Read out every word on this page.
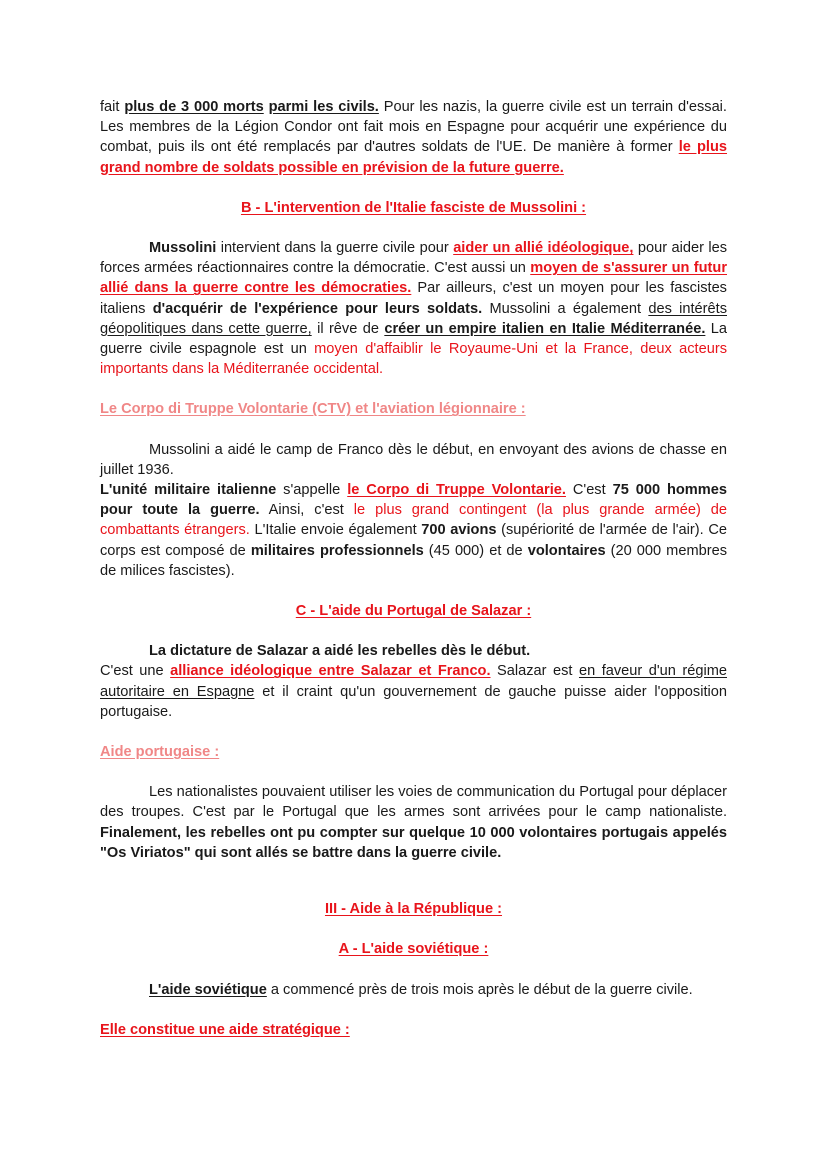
fait plus de 3 000 morts parmi les civils. Pour les nazis, la guerre civile est un terrain d'essai. Les membres de la Légion Condor ont fait mois en Espagne pour acquérir une expérience du combat, puis ils ont été remplacés par d'autres soldats de l'UE. De manière à former le plus grand nombre de soldats possible en prévision de la future guerre.

B - L'intervention de l'Italie fasciste de Mussolini :

Mussolini intervient dans la guerre civile pour aider un allié idéologique, pour aider les forces armées réactionnaires contre la démocratie. C'est aussi un moyen de s'assurer un futur allié dans la guerre contre les démocraties. Par ailleurs, c'est un moyen pour les fascistes italiens d'acquérir de l'expérience pour leurs soldats. Mussolini a également des intérêts géopolitiques dans cette guerre, il rêve de créer un empire italien en Italie Méditerranée. La guerre civile espagnole est un moyen d'affaiblir le Royaume-Uni et la France, deux acteurs importants dans la Méditerranée occidental.

Le Corpo di Truppe Volontarie (CTV) et l'aviation légionnaire :

Mussolini a aidé le camp de Franco dès le début, en envoyant des avions de chasse en juillet 1936.

L'unité militaire italienne s'appelle le Corpo di Truppe Volontarie. C'est 75 000 hommes pour toute la guerre. Ainsi, c'est le plus grand contingent (la plus grande armée) de combattants étrangers. L'Italie envoie également 700 avions (supériorité de l'armée de l'air). Ce corps est composé de militaires professionnels (45 000) et de volontaires (20 000 membres de milices fascistes).

C - L'aide du Portugal de Salazar :

La dictature de Salazar a aidé les rebelles dès le début.

C'est une alliance idéologique entre Salazar et Franco. Salazar est en faveur d'un régime autoritaire en Espagne et il craint qu'un gouvernement de gauche puisse aider l'opposition portugaise.

Aide portugaise :

Les nationalistes pouvaient utiliser les voies de communication du Portugal pour déplacer des troupes. C'est par le Portugal que les armes sont arrivées pour le camp nationaliste. Finalement, les rebelles ont pu compter sur quelque 10 000 volontaires portugais appelés "Os Viriatos" qui sont allés se battre dans la guerre civile.

III - Aide à la République :

A - L'aide soviétique :

L'aide soviétique a commencé près de trois mois après le début de la guerre civile.

Elle constitue une aide stratégique :
